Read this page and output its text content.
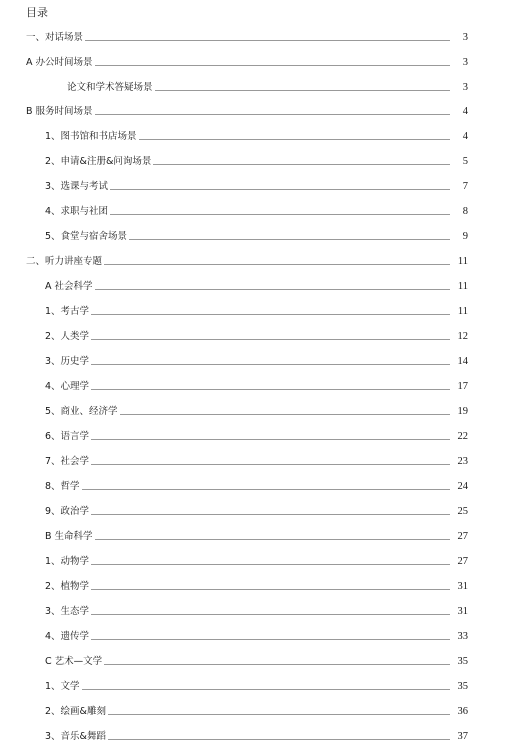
目录
一、对话场景	3
A 办公时间场景	3
论文和学术答疑场景	3
B 服务时间场景	4
1、图书馆和书店场景	4
2、申请&注册&问询场景	5
3、选课与考试	7
4、求职与社团	8
5、食堂与宿舍场景	9
二、听力讲座专题	11
A 社会科学	11
1、考古学	11
2、人类学	12
3、历史学	14
4、心理学	17
5、商业、经济学	19
6、语言学	22
7、社会学	23
8、哲学	24
9、政治学	25
B 生命科学	27
1、动物学	27
2、植物学	31
3、生态学	31
4、遗传学	33
C 艺术—文学	35
1、文学	35
2、绘画&雕刻	36
3、音乐&舞蹈	37
